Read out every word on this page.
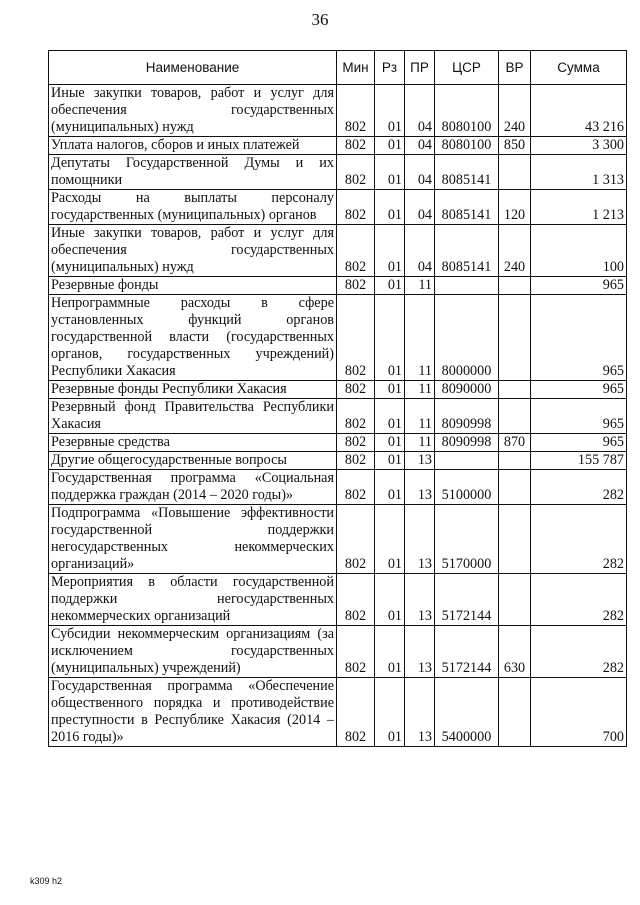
36
Наименование	Мин	Рз	ПР	ЦСР	ВР	Сумма
Иные закупки товаров, работ и услуг для обеспечения государственных (муниципальных) нужд	802	01	04	8080100	240	43 216
Уплата налогов, сборов и иных платежей	802	01	04	8080100	850	3 300
Депутаты Государственной Думы и их помощники	802	01	04	8085141		1 313
Расходы на выплаты персоналу государственных (муниципальных) органов	802	01	04	8085141	120	1 213
Иные закупки товаров, работ и услуг для обеспечения государственных (муниципальных) нужд	802	01	04	8085141	240	100
Резервные фонды	802	01	11			965
Непрограммные расходы в сфере установленных функций органов государственной власти (государственных органов, государственных учреждений) Республики Хакасия	802	01	11	8000000		965
Резервные фонды Республики Хакасия	802	01	11	8090000		965
Резервный фонд Правительства Республики Хакасия	802	01	11	8090998		965
Резервные средства	802	01	11	8090998	870	965
Другие общегосударственные вопросы	802	01	13			155 787
Государственная программа «Социальная поддержка граждан (2014 – 2020 годы)»	802	01	13	5100000		282
Подпрограмма «Повышение эффективности государственной поддержки негосударственных некоммерческих организаций»	802	01	13	5170000		282
Мероприятия в области государственной поддержки негосударственных некоммерческих организаций	802	01	13	5172144		282
Субсидии некоммерческим организациям (за исключением государственных (муниципальных) учреждений)	802	01	13	5172144	630	282
Государственная программа «Обеспечение общественного порядка и противодействие преступности в Республике Хакасия (2014 – 2016 годы)»	802	01	13	5400000		700
k309 h2
